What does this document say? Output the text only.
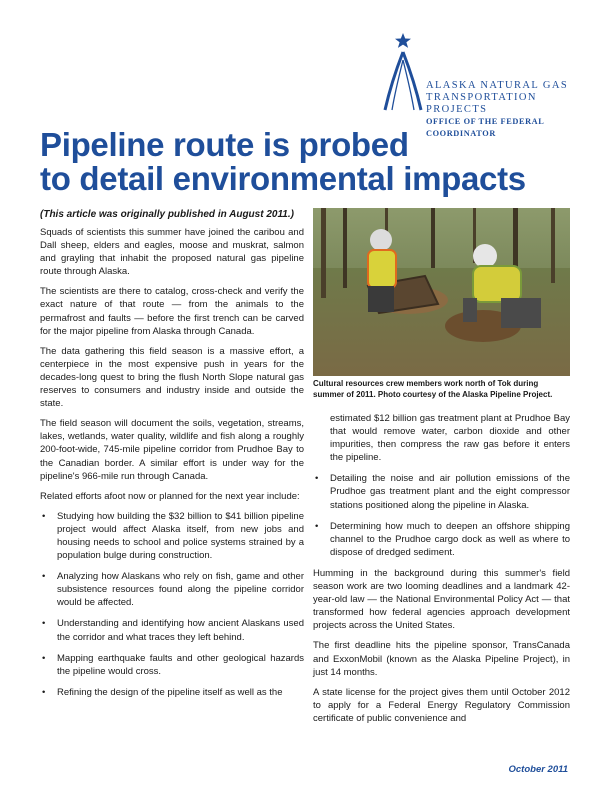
ALASKA NATURAL GAS
TRANSPORTATION PROJECTS
OFFICE OF THE FEDERAL COORDINATOR
Pipeline route is probed
to detail environmental impacts
(This article was originally published in August 2011.)

Squads of scientists this summer have joined the caribou and Dall sheep, elders and eagles, moose and muskrat, salmon and grayling that inhabit the proposed natural gas pipeline route through Alaska.

The scientists are there to catalog, cross-check and verify the exact nature of that route — from the animals to the permafrost and faults — before the first trench can be carved for the major pipeline from Alaska through Canada.

The data gathering this field season is a massive effort, a centerpiece in the most expensive push in years for the decades-long quest to bring the flush North Slope natural gas reserves to consumers and industry inside and outside the state.

The field season will document the soils, vegetation, streams, lakes, wetlands, water quality, wildlife and fish along a roughly 200-foot-wide, 745-mile pipeline corridor from Prudhoe Bay to the Canadian border. A similar effort is under way for the pipeline's 966-mile run through Canada.

Related efforts afoot now or planned for the next year include:

• Studying how building the $32 billion to $41 billion pipeline project would affect Alaska itself, from new jobs and housing needs to school and police systems strained by a population bulge during construction.
• Analyzing how Alaskans who rely on fish, game and other subsistence resources found along the pipeline corridor would be affected.
• Understanding and identifying how ancient Alaskans used the corridor and what traces they left behind.
• Mapping earthquake faults and other geological hazards the pipeline would cross.
• Refining the design of the pipeline itself as well as the
Cultural resources crew members work north of Tok during summer of 2011. Photo courtesy of the Alaska Pipeline Project.
estimated $12 billion gas treatment plant at Prudhoe Bay that would remove water, carbon dioxide and other impurities, then compress the raw gas before it enters the pipeline.
• Detailing the noise and air pollution emissions of the Prudhoe gas treatment plant and the eight compressor stations positioned along the pipeline in Alaska.
• Determining how much to deepen an offshore shipping channel to the Prudhoe cargo dock as well as where to dispose of dredged sediment.

Humming in the background during this summer's field season work are two looming deadlines and a landmark 42-year-old law — the National Environmental Policy Act — that transformed how federal agencies approach development projects across the United States.

The first deadline hits the pipeline sponsor, TransCanada and ExxonMobil (known as the Alaska Pipeline Project), in just 14 months.

A state license for the project gives them until October 2012 to apply for a Federal Energy Regulatory Commission certificate of public convenience and

October 2011
